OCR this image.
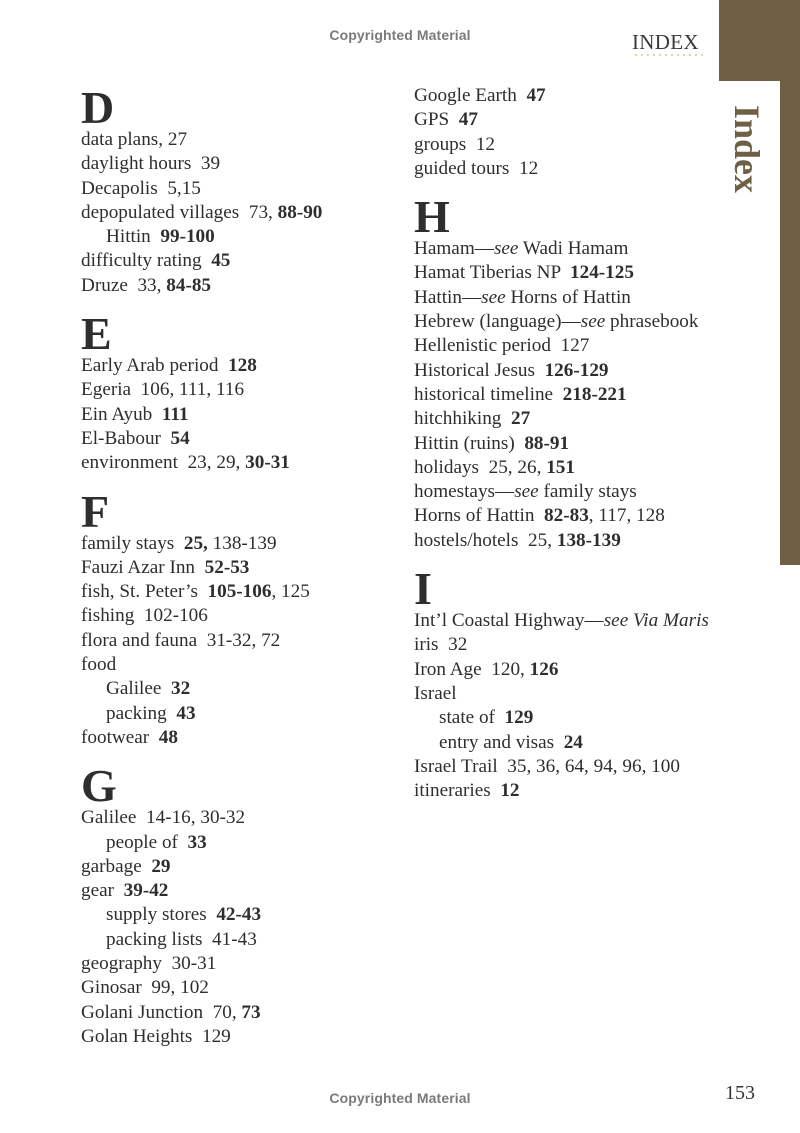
Copyrighted Material	INDEX
Index
D
data plans, 27
daylight hours  39
Decapolis  5,15
depopulated villages  73, 88-90
Hittin  99-100
difficulty rating  45
Druze  33, 84-85
E
Early Arab period  128
Egeria  106, 111, 116
Ein Ayub  111
El-Babour  54
environment  23, 29, 30-31
F
family stays  25, 138-139
Fauzi Azar Inn  52-53
fish, St. Peter’s  105-106, 125
fishing  102-106
flora and fauna  31-32, 72
food
Galilee  32
packing  43
footwear  48
G
Galilee  14-16, 30-32
people of  33
garbage  29
gear  39-42
supply stores  42-43
packing lists  41-43
geography  30-31
Ginosar  99, 102
Golani Junction  70, 73
Golan Heights  129
Google Earth  47
GPS  47
groups  12
guided tours  12
H
Hamam—see Wadi Hamam
Hamat Tiberias NP  124-125
Hattin—see Horns of Hattin
Hebrew (language)—see phrasebook
Hellenistic period  127
Historical Jesus  126-129
historical timeline  218-221
hitchhiking  27
Hittin (ruins)  88-91
holidays  25, 26, 151
homestays—see family stays
Horns of Hattin  82-83, 117, 128
hostels/hotels  25, 138-139
I
Int’l Coastal Highway—see Via Maris
iris  32
Iron Age  120, 126
Israel
state of  129
entry and visas  24
Israel Trail  35, 36, 64, 94, 96, 100
itineraries  12
153
Copyrighted Material
